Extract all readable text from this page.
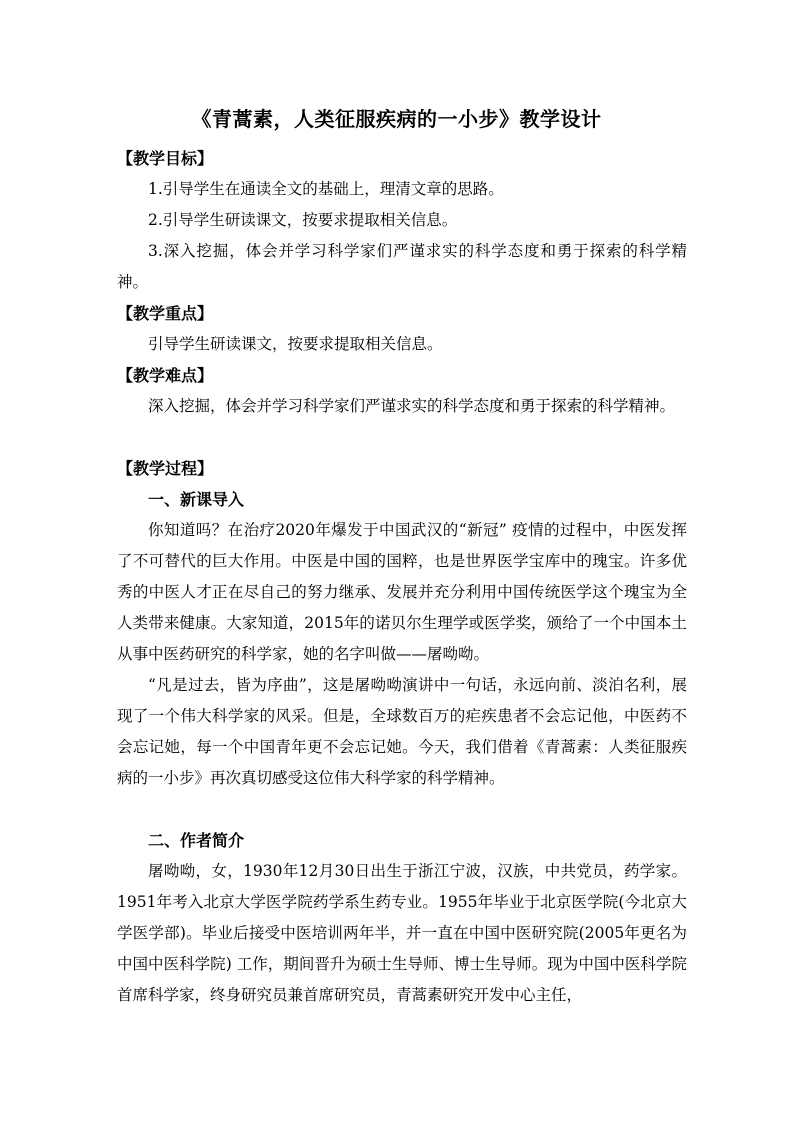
《青蒿素，人类征服疾病的一小步》教学设计
【教学目标】
1.引导学生在通读全文的基础上，理清文章的思路。
2.引导学生研读课文，按要求提取相关信息。
3.深入挖掘，体会并学习科学家们严谨求实的科学态度和勇于探索的科学精神。
【教学重点】
引导学生研读课文，按要求提取相关信息。
【教学难点】
深入挖掘，体会并学习科学家们严谨求实的科学态度和勇于探索的科学精神。
【教学过程】
一、新课导入
你知道吗？在治疗2020年爆发于中国武汉的“新冠” 疫情的过程中，中医发挥了不可替代的巨大作用。中医是中国的国粹，也是世界医学宝库中的瑰宝。许多优秀的中医人才正在尽自己的努力继承、发展并充分利用中国传统医学这个瑰宝为全人类带来健康。大家知道，2015年的诺贝尔生理学或医学奖，颁给了一个中国本土从事中医药研究的科学家，她的名字叫做——屠呦呦。
“凡是过去，皆为序曲”，这是屠呦呦演讲中一句话，永远向前、淡泊名利，展现了一个伟大科学家的风采。但是，全球数百万的疟疾患者不会忘记他，中医药不会忘记她，每一个中国青年更不会忘记她。今天，我们借着《青蒿素：人类征服疾病的一小步》再次真切感受这位伟大科学家的科学精神。
二、作者简介
屠呦呦，女，1930年12月30日出生于浙江宁波，汉族，中共党员，药学家。1951年考入北京大学医学院药学系生药专业。1955年毕业于北京医学院(今北京大学医学部)。毕业后接受中医培训两年半，并一直在中国中医研究院(2005年更名为中国中医科学院) 工作，期间晋升为硕士生导师、博士生导师。现为中国中医科学院首席科学家，终身研究员兼首席研究员，青蒿素研究开发中心主任，
